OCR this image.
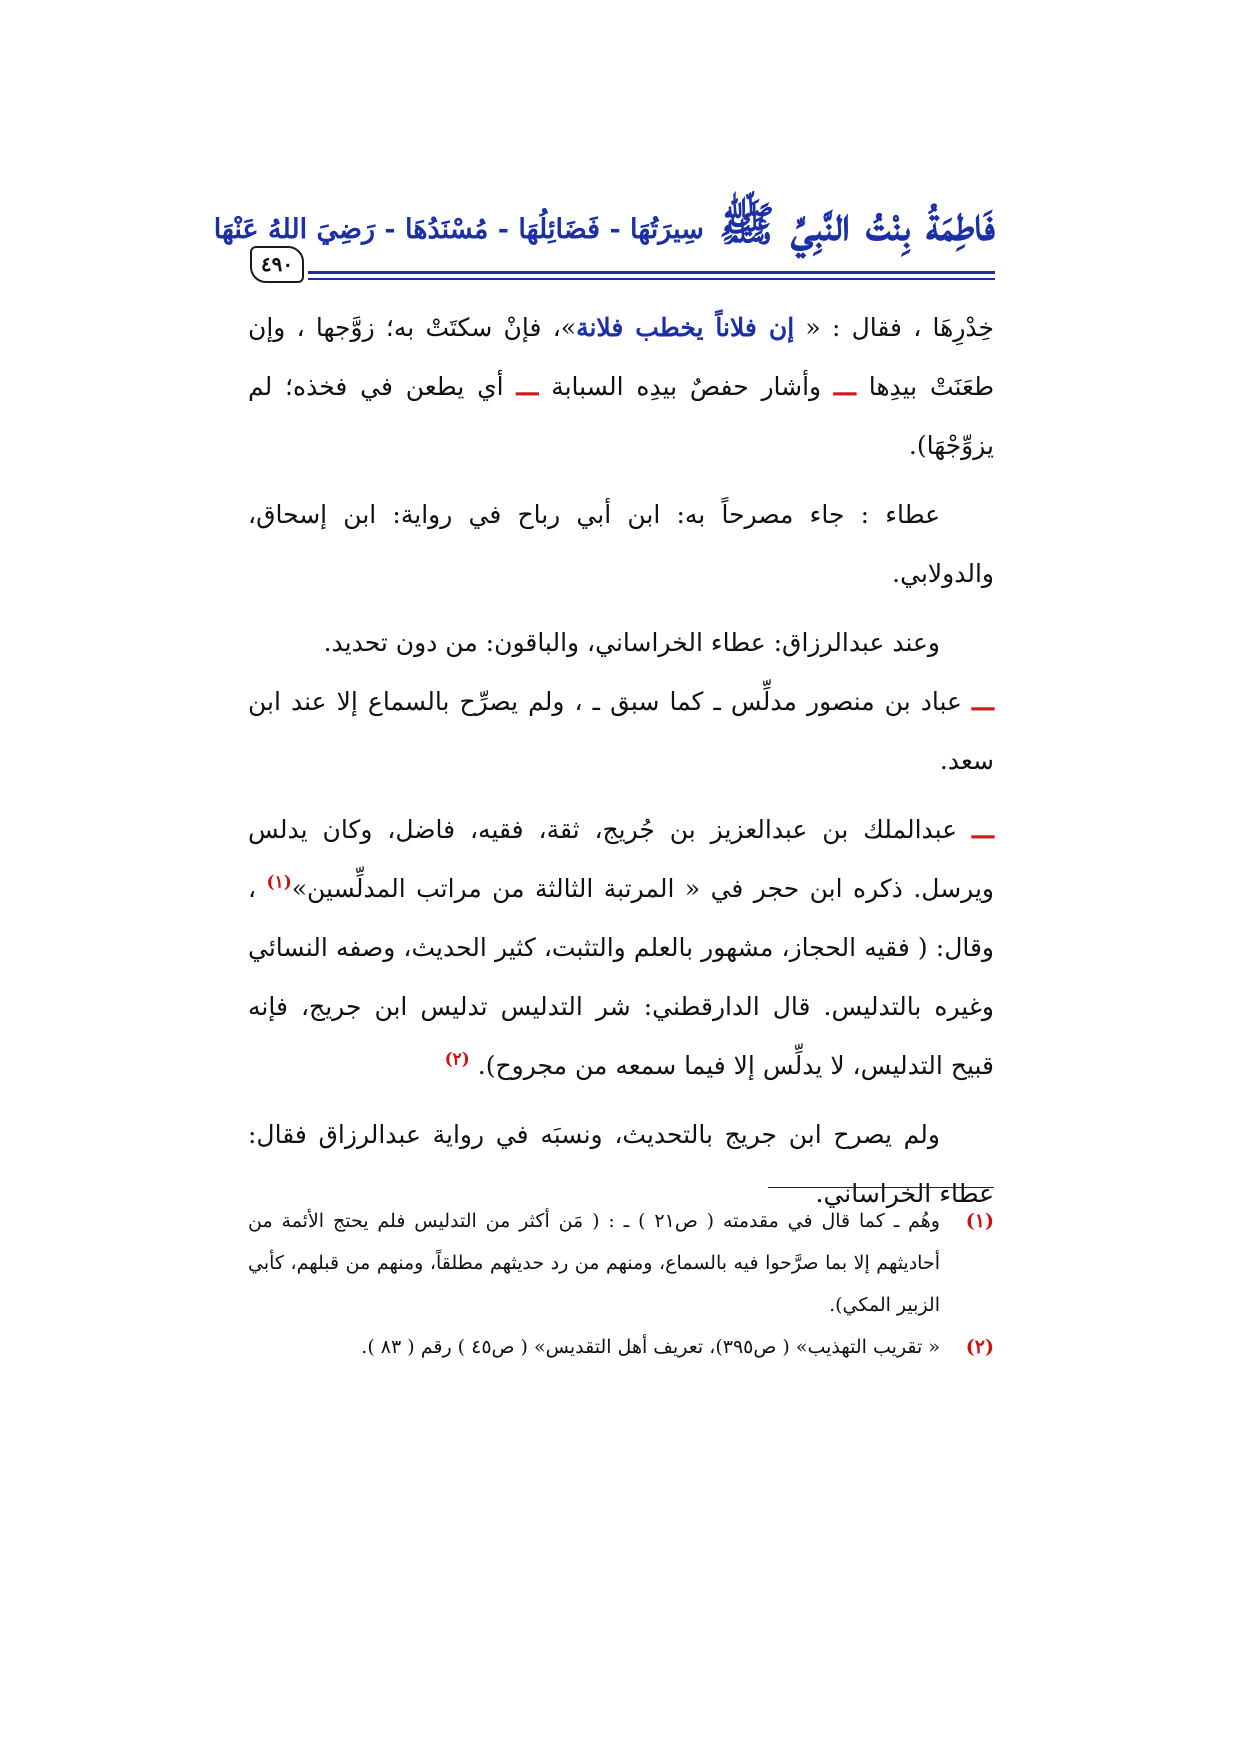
٤٩٠
فَاطِمَةُ بِنْتُ النَّبِيِّ ﷺ سِيرَتُهَا - فَضَائِلُهَا - مُسْنَدُهَا - رَضِيَ اللهُ عَنْهَا

خِدْرِهَا ، فقال : « إن فلاناً يخطب فلانة»، فإنْ سكتَتْ به؛ زوَّجها ، وإن طعَنَتْ بيدِها ـــ وأشار حفصٌ بيدِه السبابة ـــ أي يطعن في فخذه؛ لم يزوِّجْهَا).

عطاء : جاء مصرحاً به: ابن أبي رباح في رواية: ابن إسحاق، والدولابي.

وعند عبدالرزاق: عطاء الخراساني، والباقون: من دون تحديد.

ـــ عباد بن منصور مدلِّس ـ كما سبق ـ ، ولم يصرِّح بالسماع إلا عند ابن سعد.

ـــ عبدالملك بن عبدالعزيز بن جُريج، ثقة، فقيه، فاضل، وكان يدلس ويرسل. ذكره ابن حجر في « المرتبة الثالثة من مراتب المدلِّسين»$^{(١)}$ ، وقال: ( فقيه الحجاز، مشهور بالعلم والتثبت، كثير الحديث، وصفه النسائي وغيره بالتدليس. قال الدارقطني: شر التدليس تدليس ابن جريج، فإنه قبيح التدليس، لا يدلِّس إلا فيما سمعه من مجروح). $^{(٢)}$

ولم يصرح ابن جريج بالتحديث، ونسبَه في رواية عبدالرزاق فقال: عطاء الخراساني.

(١)
وهُم ـ كما قال في مقدمته ( ص٢١ ) ـ : ( مَن أكثر من التدليس فلم يحتج الأئمة من أحاديثهم إلا بما صرَّحوا فيه بالسماع، ومنهم من رد حديثهم مطلقاً، ومنهم من قبلهم، كأبي الزبير المكي).

(٢)
« تقريب التهذيب» ( ص٣٩٥)، تعريف أهل التقديس» ( ص٤٥ ) رقم ( ٨٣ ).
